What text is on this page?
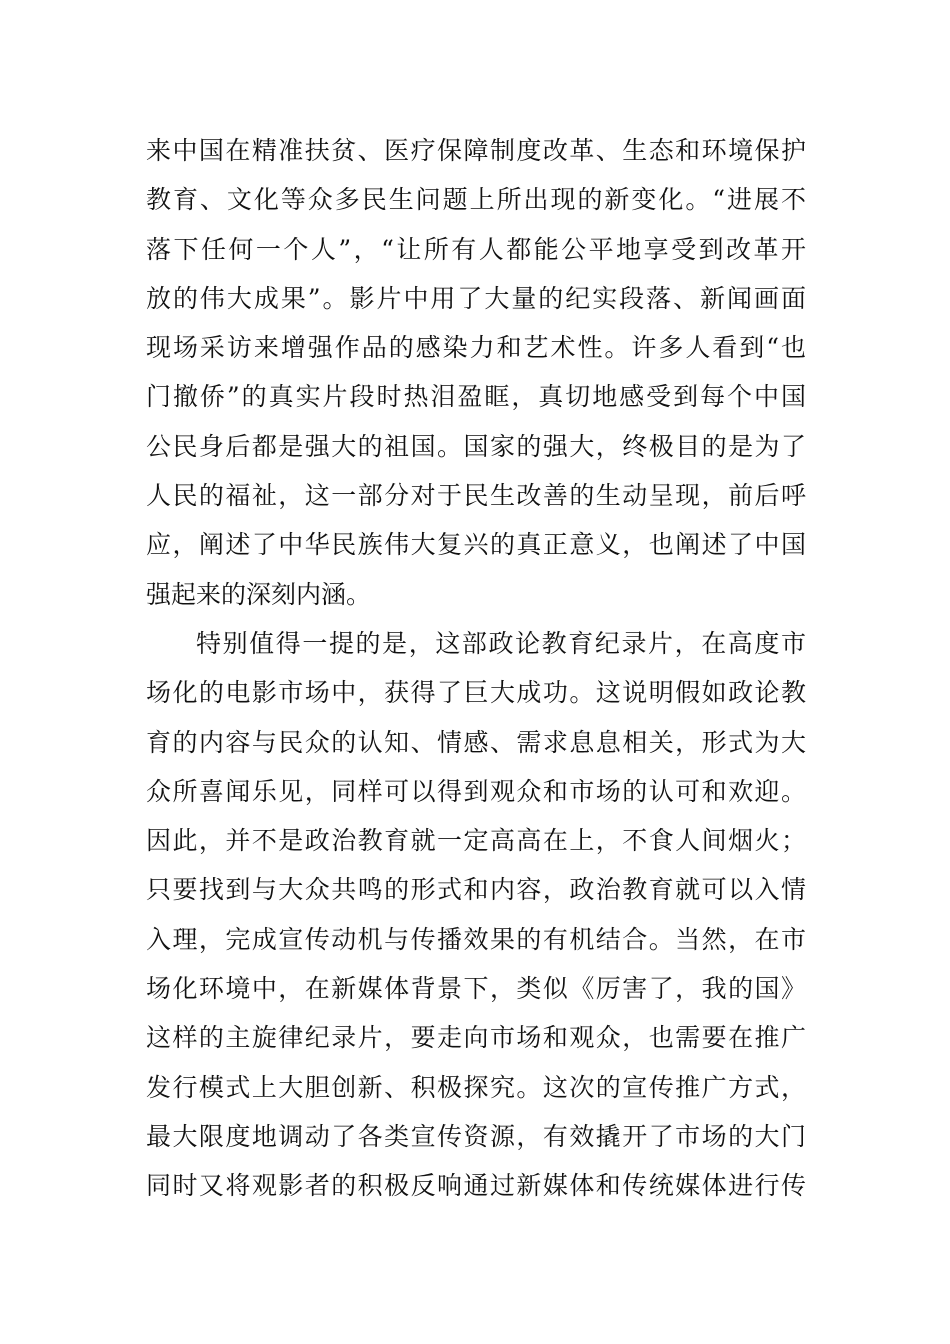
来中国在精准扶贫、医疗保障制度改革、生态和环境保护
教育、文化等众多民生问题上所出现的新变化。“进展不
落下任何一个人”，“让所有人都能公平地享受到改革开
放的伟大成果”。影片中用了大量的纪实段落、新闻画面
现场采访来增强作品的感染力和艺术性。许多人看到“也
门撤侨”的真实片段时热泪盈眶，真切地感受到每个中国
公民身后都是强大的祖国。国家的强大，终极目的是为了
人民的福祉，这一部分对于民生改善的生动呈现，前后呼
应，阐述了中华民族伟大复兴的真正意义，也阐述了中国
强起来的深刻内涵。
特别值得一提的是，这部政论教育纪录片，在高度市
场化的电影市场中，获得了巨大成功。这说明假如政论教
育的内容与民众的认知、情感、需求息息相关，形式为大
众所喜闻乐见，同样可以得到观众和市场的认可和欢迎。
因此，并不是政治教育就一定高高在上，不食人间烟火；
只要找到与大众共鸣的形式和内容，政治教育就可以入情
入理，完成宣传动机与传播效果的有机结合。当然，在市
场化环境中，在新媒体背景下，类似《厉害了，我的国》
这样的主旋律纪录片，要走向市场和观众，也需要在推广
发行模式上大胆创新、积极探究。这次的宣传推广方式，
最大限度地调动了各类宣传资源，有效撬开了市场的大门
同时又将观影者的积极反响通过新媒体和传统媒体进行传
